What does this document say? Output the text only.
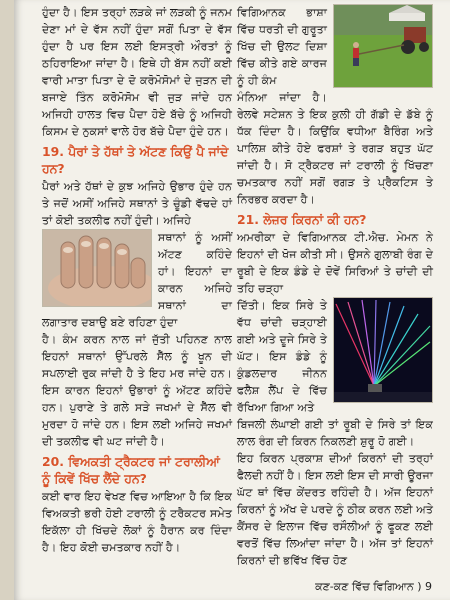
ਹੁੰਦਾ ਹੈ। ਇਸ ਤਰ੍ਹਾਂ ਲੜਕੇ ਜਾਂ ਲੜਕੀ ਨੂੰ ਜਨਮ ਦੇਣਾ ਮਾਂ ਦੇ ਵੱਸ ਨਹੀਂ ਹੁੰਦਾ ਸਗੋਂ ਪਿਤਾ ਦੇ ਵੱਸ ਹੁੰਦਾ ਹੈ ਪਰ ਇਸ ਲਈ ਇਸਤ੍ਰੀ ਔਰਤਾਂ ਨੂੰ ਠਹਿਰਾਇਆ ਜਾਂਦਾ ਹੈ। ਇਥੇ ਹੀ ਬੱਸ ਨਹੀਂ ਕਈ ਵਾਰੀ ਮਾਤਾ ਪਿਤਾ ਦੇ ਦੋ ਕਰੋਮੋਸੋਮਾਂ ਦੇ ਜੁੜਨ ਦੀ ਬਜਾਏ ਤਿੰਨ ਕਰੋਮੋਸੋਮ ਵੀ ਜੁੜ ਜਾਂਦੇ ਹਨ ਅਜਿਹੀ ਹਾਲਤ ਵਿਚ ਪੈਦਾ ਹੋਏ ਬੱਚੇ ਨੂੰ ਅਜਿਹੀ ਕਿਸਮ ਦੇ ਨੁਕਸਾਂ ਵਾਲੇ ਹੋਰ ਬੱਚੇ ਪੈਦਾ ਹੁੰਦੇ ਹਨ।

19. ਪੈਰਾਂ ਤੇ ਹੱਥਾਂ ਤੇ ਅੱਟਣ ਕਿਉਂ ਪੈ ਜਾਂਦੇ ਹਨ?

ਪੈਰਾਂ ਅਤੇ ਹੱਥਾਂ ਦੇ ਕੁਝ ਅਜਿਹੇ ਉਭਾਰ ਹੁੰਦੇ ਹਨ ਤੇ ਜਦੋਂ ਅਸੀਂ ਅਜਿਹੇ ਸਥਾਨਾਂ ਤੇ ਚੂੰਡੀ ਵੱਢਦੇ ਹਾਂ ਤਾਂ ਕੋਈ ਤਕਲੀਫ ਨਹੀਂ ਹੁੰਦੀ। ਅਜਿਹੇ

ਸਥਾਨਾਂ ਨੂੰ ਅਸੀਂ ਅੱਟਣ ਕਹਿੰਦੇ ਹਾਂ। ਇਹਨਾਂ ਦਾ ਕਾਰਨ ਅਜਿਹੇ ਸਥਾਨਾਂ ਦਾ ਲਗਾਤਾਰ ਦਬਾਉ ਬਣੇ ਰਹਿਣਾ ਹੁੰਦਾ

ਹੈ। ਕੰਮ ਕਰਨ ਨਾਲ ਜਾਂ ਜੁੱਤੀ ਪਹਿਨਣ ਨਾਲ ਇਹਨਾਂ ਸਥਾਨਾਂ ਉੱਪਰਲੇ ਸੈੱਲ ਨੂੰ ਖੂਨ ਦੀ ਸਪਲਾਈ ਰੁਕ ਜਾਂਦੀ ਹੈ ਤੇ ਇਹ ਮਰ ਜਾਂਦੇ ਹਨ। ਇਸ ਕਾਰਨ ਇਹਨਾਂ ਉਭਾਰਾਂ ਨੂੰ ਅੱਟਣ ਕਹਿੰਦੇ ਹਨ। ਪੁਰਾਣੇ ਤੇ ਗਲੇ ਸੜੇ ਜਖਮਾਂ ਦੇ ਸੈੱਲ ਵੀ ਮੁਰਦਾ ਹੋ ਜਾਂਦੇ ਹਨ। ਇਸ ਲਈ ਅਜਿਹੇ ਜਖਮਾਂ ਦੀ ਤਕਲੀਫ ਵੀ ਘਟ ਜਾਂਦੀ ਹੈ।

20. ਵਿਅਕਤੀ ਟ੍ਰੈਕਟਰ ਜਾਂ ਟਰਾਲੀਆਂ ਨੂੰ ਕਿਵੇਂ ਖਿੱਚ ਲੈਂਦੇ ਹਨ?

ਕਈ ਵਾਰ ਇਹ ਵੇਖਣ ਵਿਚ ਆਇਆ ਹੈ ਕਿ ਇਕ ਵਿਅਕਤੀ ਭਰੀ ਹੋਈ ਟਰਾਲੀ ਨੂੰ ਟਰੈਕਟਰ ਸਮੇਤ ਇਕੱਲਾ ਹੀ ਖਿੱਚਦੇ ਲੋਕਾਂ ਨੂੰ ਹੈਰਾਨ ਕਰ ਦਿੰਦਾ ਹੈ। ਇਹ ਕੋਈ ਚਮਤਕਾਰ ਨਹੀਂ ਹੈ।

ਵਿਗਿਆਨਕ ਭਾਸ਼ਾ ਵਿੱਚ ਧਰਤੀ ਦੀ ਗੁਰੂਤਾ ਖਿੱਚ ਦੀ ਉਲਟ ਦਿਸ਼ਾ ਵਿੱਚ ਕੀਤੇ ਗਏ ਕਾਰਜ ਨੂੰ ਹੀ ਕੰਮ

ਮੰਨਿਆ ਜਾਂਦਾ ਹੈ। ਰੇਲਵੇ ਸਟੇਸ਼ਨ ਤੇ ਇਕ ਕੁਲੀ ਹੀ ਗੱਡੀ ਦੇ ਡੱਬੇ ਨੂੰ ਧੱਕ ਦਿੰਦਾ ਹੈ। ਕਿਉਂਕਿ ਵਧੀਆ ਬੈਰਿੰਗ ਅਤੇ ਪਾਲਿਸ਼ ਕੀਤੇ ਹੋਏ ਫਰਸ਼ਾਂ ਤੇ ਰਗੜ ਬਹੁਤ ਘੱਟ ਜਾਂਦੀ ਹੈ। ਸੋ ਟ੍ਰੈਕਟਰ ਜਾਂ ਟਰਾਲੀ ਨੂੰ ਖਿੱਚਣਾ ਚਮਤਕਾਰ ਨਹੀਂ ਸਗੋਂ ਰਗੜ ਤੇ ਪ੍ਰੈਕਟਿਸ ਤੇ ਨਿਰਭਰ ਕਰਦਾ ਹੈ।

21. ਲੇਜ਼ਰ ਕਿਰਨਾਂ ਕੀ ਹਨ?

ਅਮਰੀਕਾ ਦੇ ਵਿਗਿਆਨਕ ਟੀ.ਐਚ. ਮੇਮਨ ਨੇ ਇਹਨਾਂ ਦੀ ਖੋਜ ਕੀਤੀ ਸੀ। ਉਸਨੇ ਗੁਲਾਬੀ ਰੰਗ ਦੇ ਰੂਬੀ ਦੇ ਇਕ ਡੰਡੇ ਦੇ ਦੋਵੇਂ ਸਿਰਿਆਂ ਤੇ ਚਾਂਦੀ ਦੀ ਤਹਿ ਚੜ੍ਹਾ

ਦਿੱਤੀ। ਇਕ ਸਿਰੇ ਤੇ ਵੱਧ ਚਾਂਦੀ ਚੜ੍ਹਾਈ ਗਈ ਅਤੇ ਦੂਜੇ ਸਿਰੇ ਤੇ ਘੱਟ। ਇਸ ਡੰਡੇ ਨੂੰ ਕੁੰਡਲਦਾਰ ਜੀਨਨ ਫਲੈਸ਼ ਲੈਂਪ ਦੇ ਵਿੱਚ ਰੱਖਿਆ ਗਿਆ ਅਤੇ

ਬਿਜਲੀ ਲੰਘਾਈ ਗਈ ਤਾਂ ਰੂਬੀ ਦੇ ਸਿਰੇ ਤਾਂ ਇਕ ਲਾਲ ਰੰਗ ਦੀ ਕਿਰਨ ਨਿਕਲਣੀ ਸ਼ੁਰੂ ਹੋ ਗਈ।

ਇਹ ਕਿਰਨ ਪ੍ਰਕਾਸ਼ ਦੀਆਂ ਕਿਰਨਾਂ ਦੀ ਤਰ੍ਹਾਂ ਫੈਲਦੀ ਨਹੀਂ ਹੈ। ਇਸ ਲਈ ਇਸ ਦੀ ਸਾਰੀ ਊਰਜਾ ਘੱਟ ਥਾਂ ਵਿੱਚ ਕੇਂਦਰਤ ਰਹਿੰਦੀ ਹੈ। ਅੱਜ ਇਹਨਾਂ ਕਿਰਨਾਂ ਨੂੰ ਅੱਖ ਦੇ ਪਰਦੇ ਨੂੰ ਠੀਕ ਕਰਨ ਲਈ ਅਤੇ ਕੈਂਸਰ ਦੇ ਇਲਾਜ ਵਿੱਚ ਰਸੌਲੀਆਂ ਨੂੰ ਫੂਕਣ ਲਈ ਵਰਤੋਂ ਵਿੱਚ ਲਿਆਂਦਾ ਜਾਂਦਾ ਹੈ। ਅੱਜ ਤਾਂ ਇਹਨਾਂ ਕਿਰਨਾਂ ਦੀ ਭਵਿੱਖ ਵਿੱਚ ਹੋਣ

ਕਣ-ਕਣ ਵਿੱਚ ਵਿਗਿਆਨ ) 9
